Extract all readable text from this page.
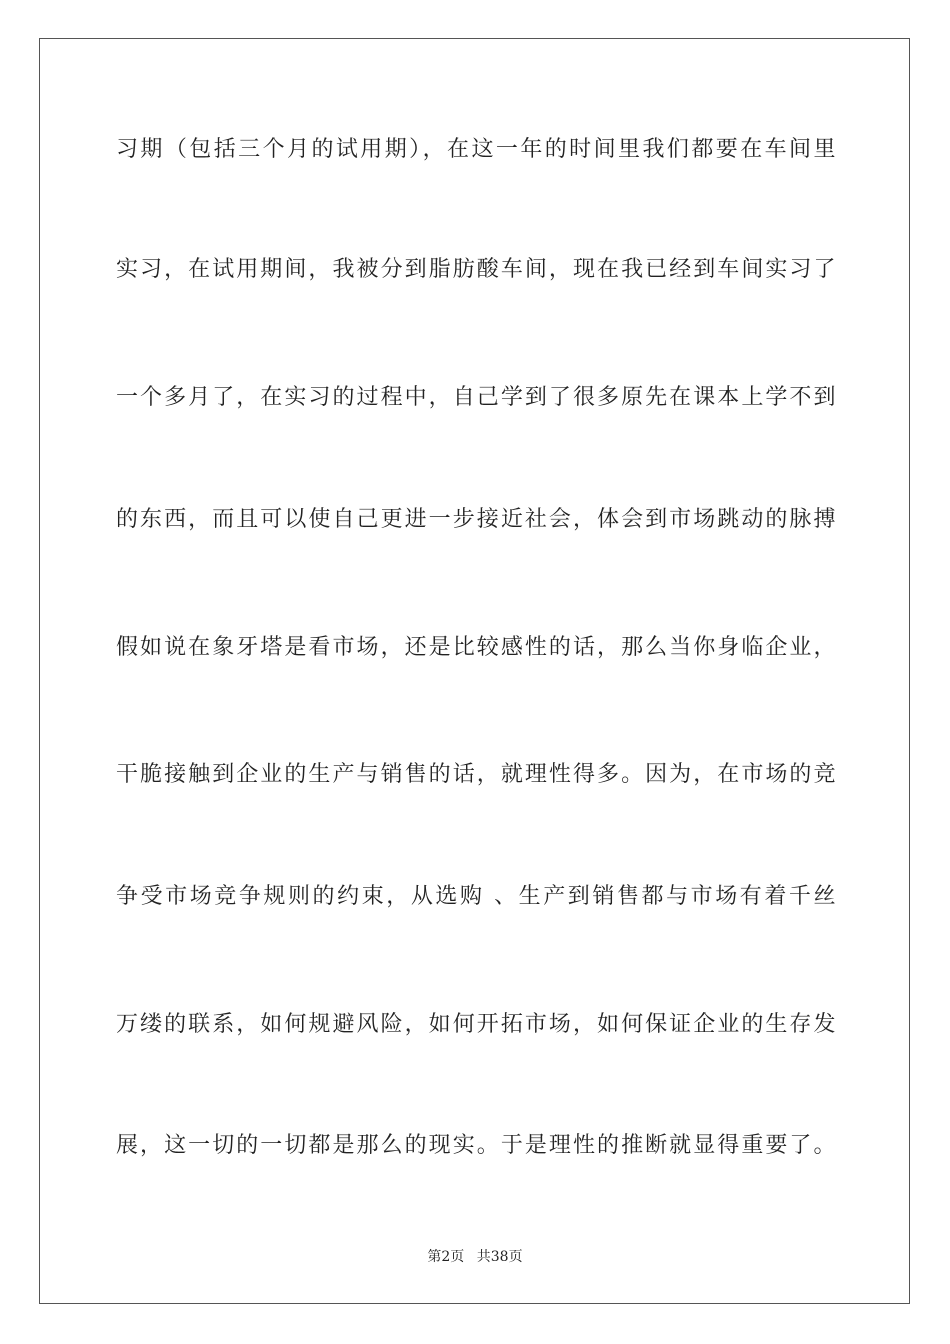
习期（包括三个月的试用期），在这一年的时间里我们都要在车间里
实习，在试用期间，我被分到脂肪酸车间，现在我已经到车间实习了
一个多月了，在实习的过程中，自己学到了很多原先在课本上学不到
的东西，而且可以使自己更进一步接近社会，体会到市场跳动的脉搏
假如说在象牙塔是看市场，还是比较感性的话，那么当你身临企业，
干脆接触到企业的生产与销售的话，就理性得多。因为，在市场的竞
争受市场竞争规则的约束，从选购 、生产到销售都与市场有着千丝
万缕的联系，如何规避风险，如何开拓市场，如何保证企业的生存发
展，这一切的一切都是那么的现实。于是理性的推断就显得重要了。
第2页 共38页
